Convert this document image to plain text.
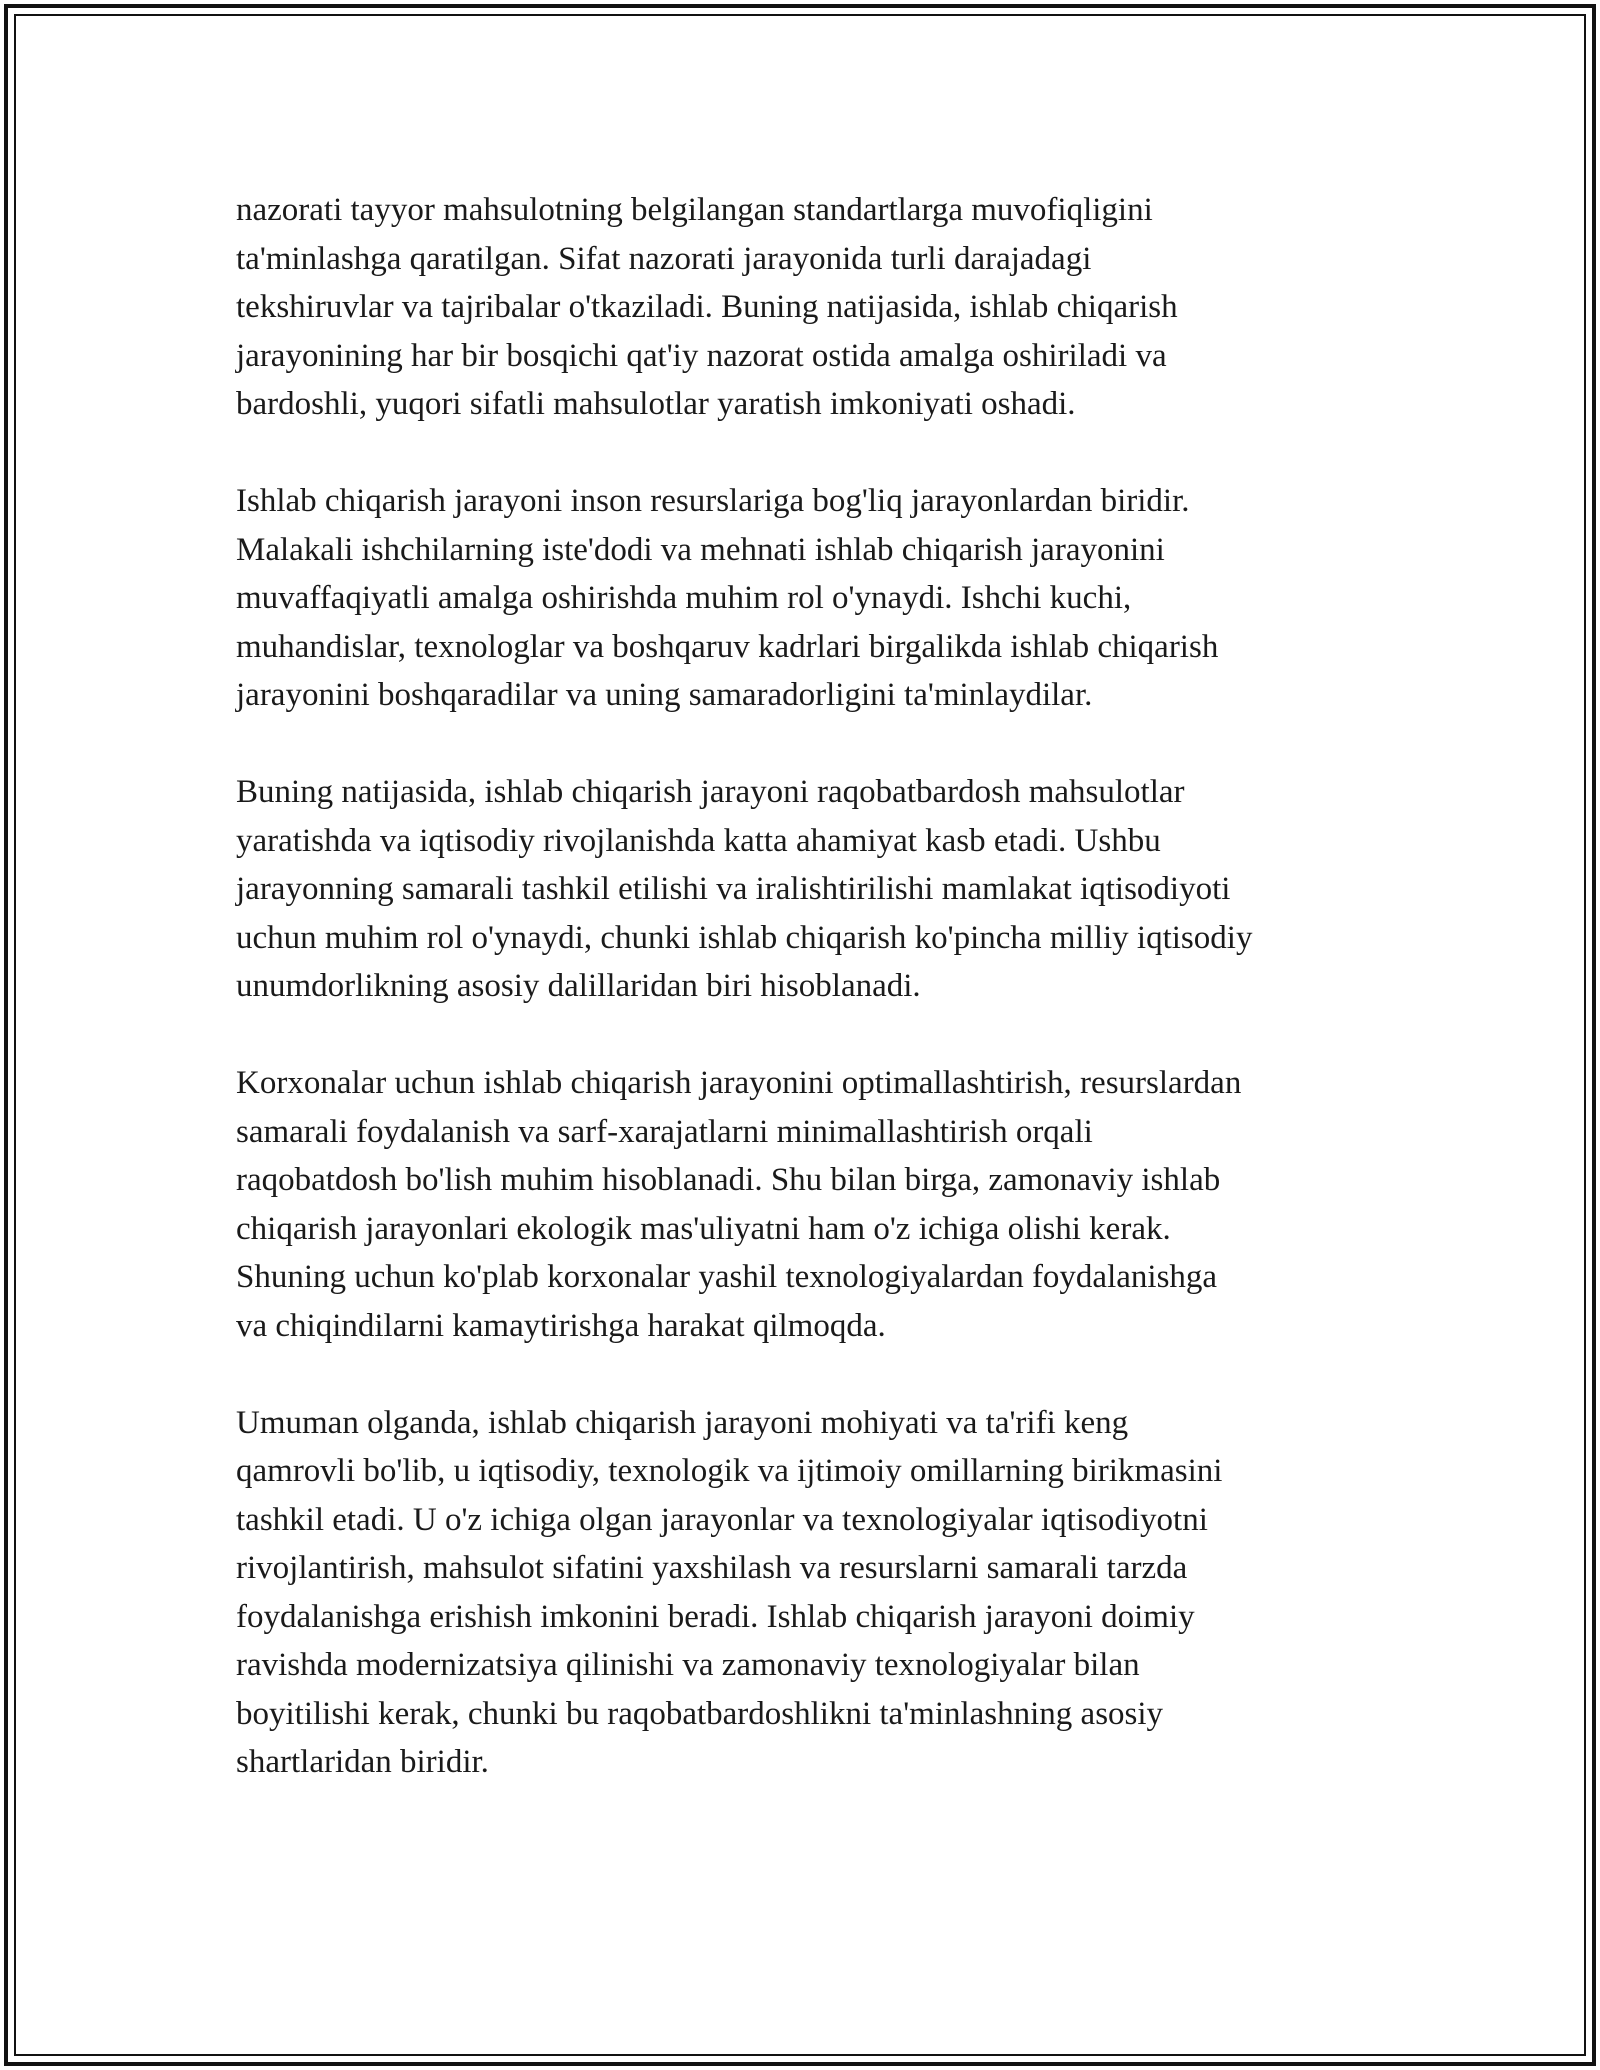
nazorati tayyor mahsulotning belgilangan standartlarga muvofiqligini
ta'minlashga qaratilgan. Sifat nazorati jarayonida turli darajadagi
tekshiruvlar va tajribalar o'tkaziladi. Buning natijasida, ishlab chiqarish
jarayonining har bir bosqichi qat'iy nazorat ostida amalga oshiriladi va
bardoshli, yuqori sifatli mahsulotlar yaratish imkoniyati oshadi.

Ishlab chiqarish jarayoni inson resurslariga bog'liq jarayonlardan biridir.
Malakali ishchilarning iste'dodi va mehnati ishlab chiqarish jarayonini
muvaffaqiyatli amalga oshirishda muhim rol o'ynaydi. Ishchi kuchi,
muhandislar, texnologlar va boshqaruv kadrlari birgalikda ishlab chiqarish
jarayonini boshqaradilar va uning samaradorligini ta'minlaydilar.

Buning natijasida, ishlab chiqarish jarayoni raqobatbardosh mahsulotlar
yaratishda va iqtisodiy rivojlanishda katta ahamiyat kasb etadi. Ushbu
jarayonning samarali tashkil etilishi va iralishtirilishi mamlakat iqtisodiyoti
uchun muhim rol o'ynaydi, chunki ishlab chiqarish ko'pincha milliy iqtisodiy
unumdorlikning asosiy dalillaridan biri hisoblanadi.

Korxonalar uchun ishlab chiqarish jarayonini optimallashtirish, resurslardan
samarali foydalanish va sarf-xarajatlarni minimallashtirish orqali
raqobatdosh bo'lish muhim hisoblanadi. Shu bilan birga, zamonaviy ishlab
chiqarish jarayonlari ekologik mas'uliyatni ham o'z ichiga olishi kerak.
Shuning uchun ko'plab korxonalar yashil texnologiyalardan foydalanishga
va chiqindilarni kamaytirishga harakat qilmoqda.

Umuman olganda, ishlab chiqarish jarayoni mohiyati va ta'rifi keng
qamrovli bo'lib, u iqtisodiy, texnologik va ijtimoiy omillarning birikmasini
tashkil etadi. U o'z ichiga olgan jarayonlar va texnologiyalar iqtisodiyotni
rivojlantirish, mahsulot sifatini yaxshilash va resurslarni samarali tarzda
foydalanishga erishish imkonini beradi. Ishlab chiqarish jarayoni doimiy
ravishda modernizatsiya qilinishi va zamonaviy texnologiyalar bilan
boyitilishi kerak, chunki bu raqobatbardoshlikni ta'minlashning asosiy
shartlaridan biridir.
